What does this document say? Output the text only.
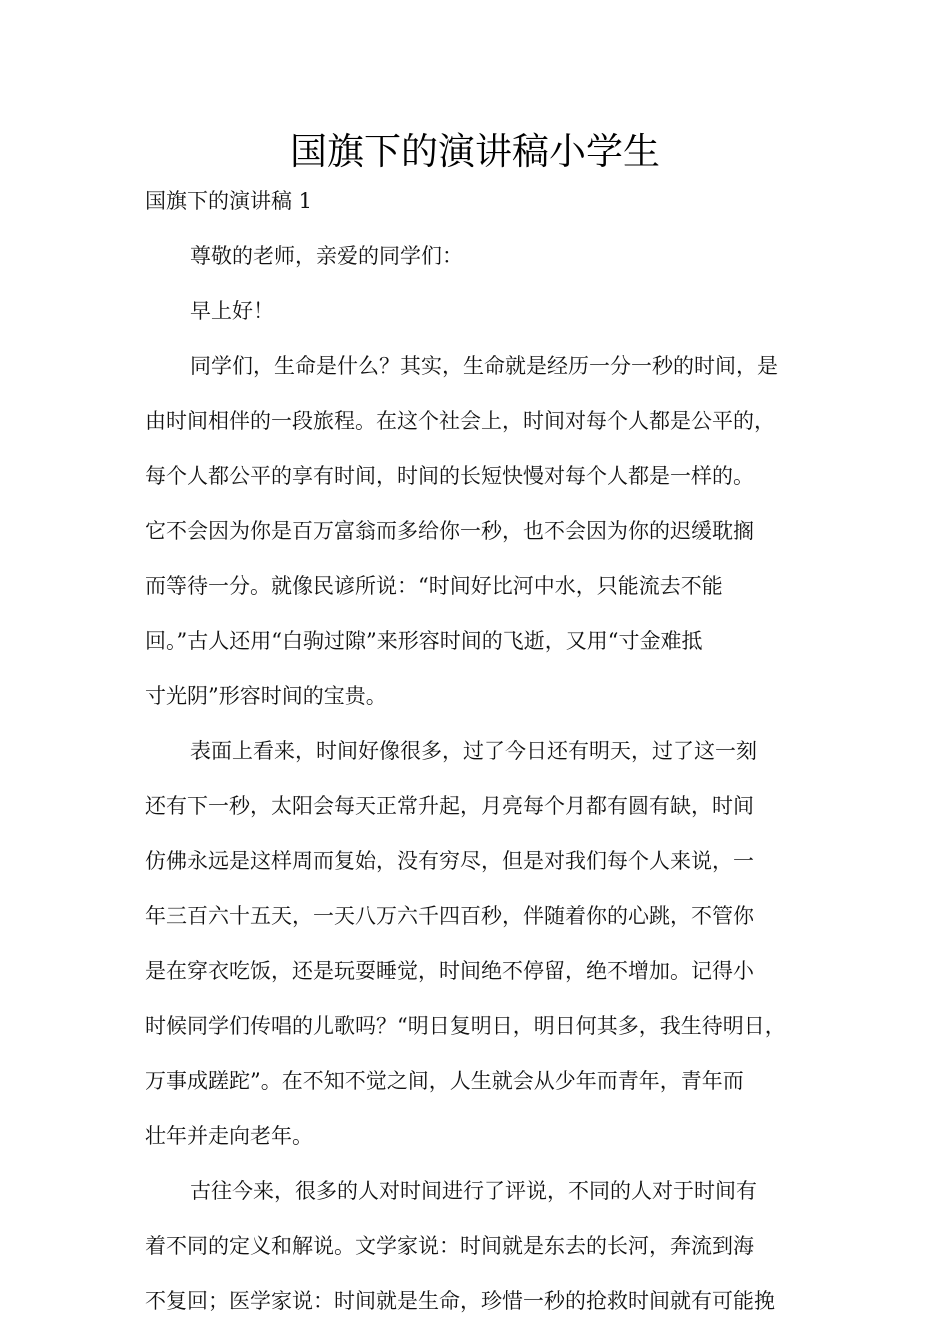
国旗下的演讲稿小学生

国旗下的演讲稿 1

尊敬的老师，亲爱的同学们：

早上好！

同学们，生命是什么？其实，生命就是经历一分一秒的时间，是

由时间相伴的一段旅程。在这个社会上，时间对每个人都是公平的，

每个人都公平的享有时间，时间的长短快慢对每个人都是一样的。

它不会因为你是百万富翁而多给你一秒，也不会因为你的迟缓耽搁

而等待一分。就像民谚所说：“时间好比河中水，只能流去不能

回。”古人还用“白驹过隙”来形容时间的飞逝，又用“寸金难抵

寸光阴”形容时间的宝贵。

表面上看来，时间好像很多，过了今日还有明天，过了这一刻

还有下一秒，太阳会每天正常升起，月亮每个月都有圆有缺，时间

仿佛永远是这样周而复始，没有穷尽，但是对我们每个人来说，一

年三百六十五天，一天八万六千四百秒，伴随着你的心跳，不管你

是在穿衣吃饭，还是玩耍睡觉，时间绝不停留，绝不增加。记得小

时候同学们传唱的儿歌吗？“明日复明日，明日何其多，我生待明日，

万事成蹉跎”。在不知不觉之间，人生就会从少年而青年，青年而

壮年并走向老年。

古往今来，很多的人对时间进行了评说，不同的人对于时间有

着不同的定义和解说。文学家说：时间就是东去的长河，奔流到海

不复回；医学家说：时间就是生命，珍惜一秒的抢救时间就有可能挽
